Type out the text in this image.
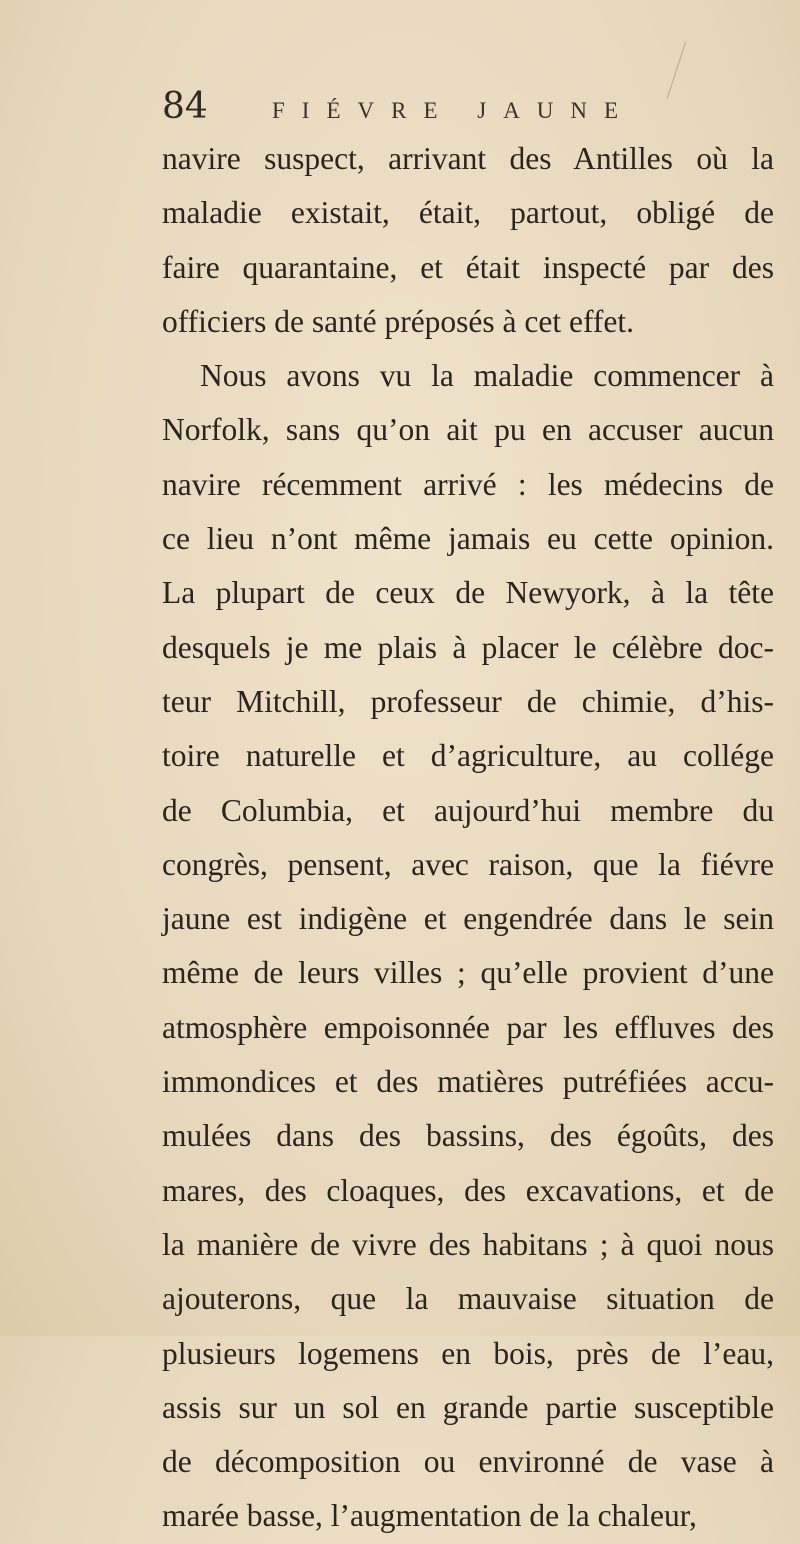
84	FIÉVRE JAUNE
navire suspect, arrivant des Antilles où la
maladie existait, était, partout, obligé de
faire quarantaine, et était inspecté par des
officiers de santé préposés à cet effet.
Nous avons vu la maladie commencer à
Norfolk, sans qu’on ait pu en accuser aucun
navire récemment arrivé : les médecins de
ce lieu n’ont même jamais eu cette opinion.
La plupart de ceux de Newyork, à la tête
desquels je me plais à placer le célèbre doc-
teur Mitchill, professeur de chimie, d’his-
toire naturelle et d’agriculture, au collége
de Columbia, et aujourd’hui membre du
congrès, pensent, avec raison, que la fiévre
jaune est indigène et engendrée dans le sein
même de leurs villes ; qu’elle provient d’une
atmosphère empoisonnée par les effluves des
immondices et des matières putréfiées accu-
mulées dans des bassins, des égoûts, des
mares, des cloaques, des excavations, et de
la manière de vivre des habitans ; à quoi nous
ajouterons, que la mauvaise situation de
plusieurs logemens en bois, près de l’eau,
assis sur un sol en grande partie susceptible
de décomposition ou environné de vase à
marée basse, l’augmentation de la chaleur,
